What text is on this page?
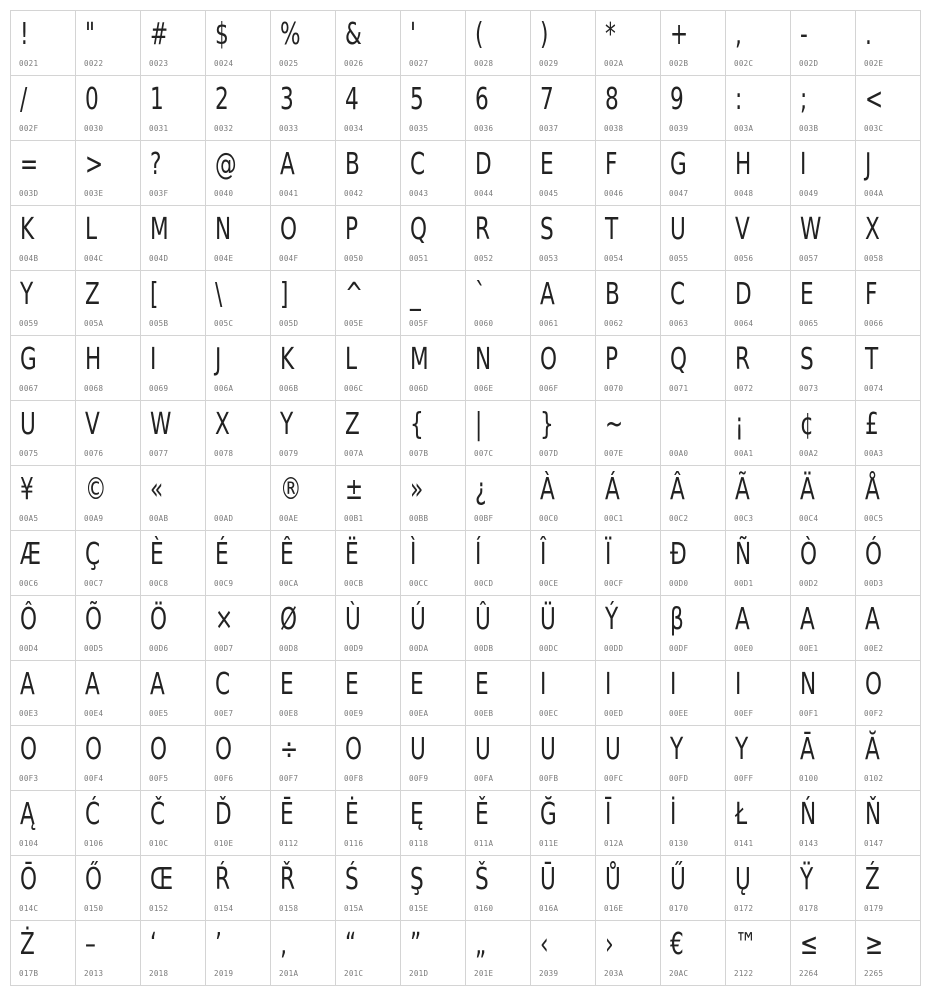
!
0021
"
0022
#
0023
$
0024
%
0025
&
0026
'
0027
(
0028
)
0029
*
002A
+
002B
,
002C
-
002D
.
002E
/
002F
0
0030
1
0031
2
0032
3
0033
4
0034
5
0035
6
0036
7
0037
8
0038
9
0039
:
003A
;
003B
<
003C
=
003D
>
003E
?
003F
@
0040
A
0041
B
0042
C
0043
D
0044
E
0045
F
0046
G
0047
H
0048
I
0049
J
004A
K
004B
L
004C
M
004D
N
004E
O
004F
P
0050
Q
0051
R
0052
S
0053
T
0054
U
0055
V
0056
W
0057
X
0058
Y
0059
Z
005A
[
005B
\
005C
]
005D
^
005E
_
005F
`
0060
A
0061
B
0062
C
0063
D
0064
E
0065
F
0066
G
0067
H
0068
I
0069
J
006A
K
006B
L
006C
M
006D
N
006E
O
006F
P
0070
Q
0071
R
0072
S
0073
T
0074
U
0075
V
0076
W
0077
X
0078
Y
0079
Z
007A
{
007B
|
007C
}
007D
~
007E	00A0
¡
00A1
¢
00A2
£
00A3
¥
00A5
©
00A9
«
00AB	00AD
®
00AE
±
00B1
»
00BB
¿
00BF
À
00C0
Á
00C1
Â
00C2
Ã
00C3
Ä
00C4
Å
00C5
Æ
00C6
Ç
00C7
È
00C8
É
00C9
Ê
00CA
Ë
00CB
Ì
00CC
Í
00CD
Î
00CE
Ï
00CF
Đ
00D0
Ñ
00D1
Ò
00D2
Ó
00D3
Ô
00D4
Õ
00D5
Ö
00D6
×
00D7
Ø
00D8
Ù
00D9
Ú
00DA
Û
00DB
Ü
00DC
Ý
00DD
β
00DF
A
00E0
A
00E1
A
00E2
A
00E3
A
00E4
A
00E5
C
00E7
E
00E8
E
00E9
E
00EA
E
00EB
I
00EC
I
00ED
I
00EE
I
00EF
N
00F1
O
00F2
O
00F3
O
00F4
O
00F5
O
00F6
÷
00F7
O
00F8
U
00F9
U
00FA
U
00FB
U
00FC
Y
00FD
Y
00FF
Ā
0100
Ă
0102
Ą
0104
Ć
0106
Č
010C
Ď
010E
Ē
0112
Ė
0116
Ę
0118
Ě
011A
Ğ
011E
Ī
012A
İ
0130
Ł
0141
Ń
0143
Ň
0147
Ō
014C
Ő
0150
Œ
0152
Ŕ
0154
Ř
0158
Ś
015A
Ş
015E
Š
0160
Ū
016A
Ů
016E
Ű
0170
Ų
0172
Ÿ
0178
Ź
0179
Ż
017B
–
2013
‘
2018
’
2019
‚
201A
“
201C
”
201D
„
201E
‹
2039
›
203A
€
20AC
™
2122
≤
2264
≥
2265
